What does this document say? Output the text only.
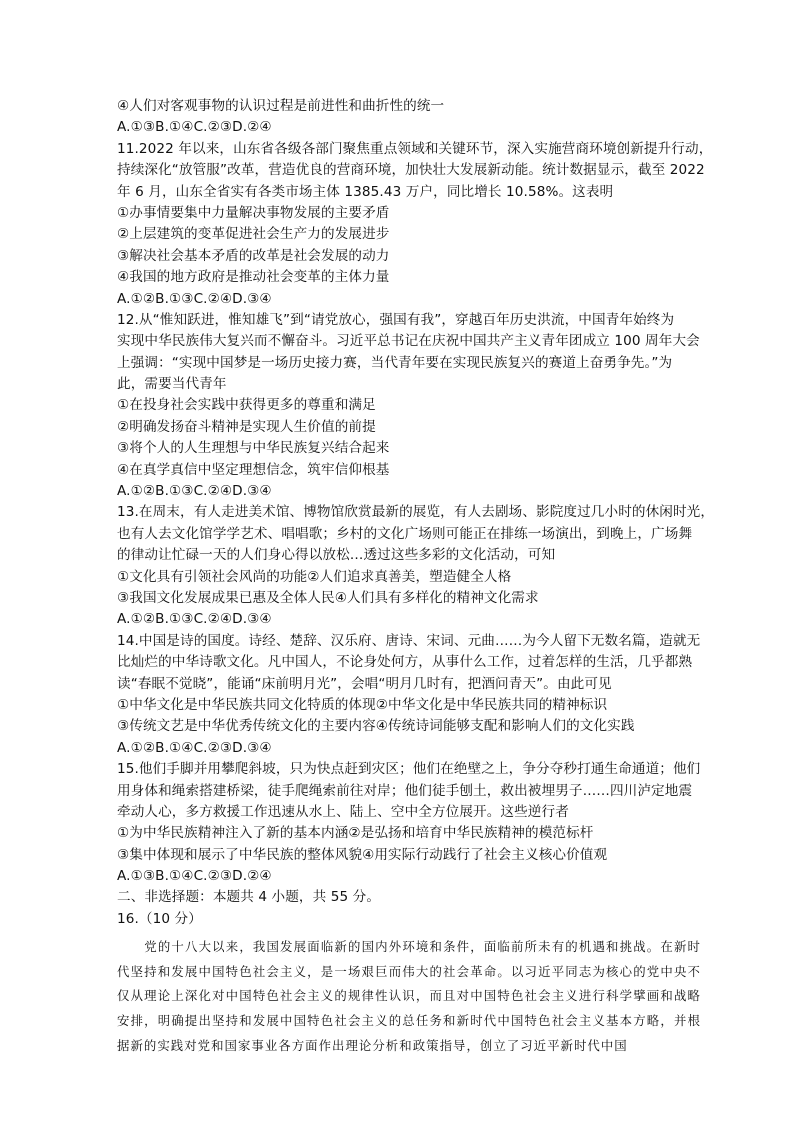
④人们对客观事物的认识过程是前进性和曲折性的统一
A.①③B.①④C.②③D.②④
11.2022 年以来，山东省各级各部门聚焦重点领域和关键环节，深入实施营商环境创新提升行动，
持续深化“放管服”改革，营造优良的营商环境，加快壮大发展新动能。统计数据显示，截至 2022
年 6 月，山东全省实有各类市场主体 1385.43 万户，同比增长 10.58%。这表明
①办事情要集中力量解决事物发展的主要矛盾
②上层建筑的变革促进社会生产力的发展进步
③解决社会基本矛盾的改革是社会发展的动力
④我国的地方政府是推动社会变革的主体力量
A.①②B.①③C.②④D.③④
12.从“惟知跃进，惟知雄飞”到“请党放心，强国有我”，穿越百年历史洪流，中国青年始终为
实现中华民族伟大复兴而不懈奋斗。习近平总书记在庆祝中国共产主义青年团成立 100 周年大会
上强调：“实现中国梦是一场历史接力赛，当代青年要在实现民族复兴的赛道上奋勇争先。”为
此，需要当代青年
①在投身社会实践中获得更多的尊重和满足
②明确发扬奋斗精神是实现人生价值的前提
③将个人的人生理想与中华民族复兴结合起来
④在真学真信中坚定理想信念，筑牢信仰根基
A.①②B.①③C.②④D.③④
13.在周末，有人走进美术馆、博物馆欣赏最新的展览，有人去剧场、影院度过几小时的休闲时光，
也有人去文化馆学学艺术、唱唱歌；乡村的文化广场则可能正在排练一场演出，到晚上，广场舞
的律动让忙碌一天的人们身心得以放松…透过这些多彩的文化活动，可知
①文化具有引领社会风尚的功能②人们追求真善美，塑造健全人格
③我国文化发展成果已惠及全体人民④人们具有多样化的精神文化需求
A.①②B.①③C.②④D.③④
14.中国是诗的国度。诗经、楚辞、汉乐府、唐诗、宋词、元曲……为今人留下无数名篇，造就无
比灿烂的中华诗歌文化。凡中国人，不论身处何方，从事什么工作，过着怎样的生活，几乎都熟
读“春眠不觉晓”，能诵“床前明月光”，会唱“明月几时有，把酒问青天”。由此可见
①中华文化是中华民族共同文化特质的体现②中华文化是中华民族共同的精神标识
③传统文艺是中华优秀传统文化的主要内容④传统诗词能够支配和影响人们的文化实践
A.①②B.①④C.②③D.③④
15.他们手脚并用攀爬斜坡，只为快点赶到灾区；他们在绝壁之上，争分夺秒打通生命通道；他们
用身体和绳索搭建桥梁，徒手爬绳索前往对岸；他们徒手刨土，救出被埋男子……四川泸定地震
牵动人心，多方救援工作迅速从水上、陆上、空中全方位展开。这些逆行者
①为中华民族精神注入了新的基本内涵②是弘扬和培育中华民族精神的模范标杆
③集中体现和展示了中华民族的整体风貌④用实际行动践行了社会主义核心价值观
A.①③B.①④C.②③D.②④
二、非选择题：本题共 4 小题，共 55 分。
16.（10 分）

党的十八大以来，我国发展面临新的国内外环境和条件，面临前所未有的机遇和挑战。在新时代坚持和发展中国特色社会主义，是一场艰巨而伟大的社会革命。以习近平同志为核心的党中央不仅从理论上深化对中国特色社会主义的规律性认识，而且对中国特色社会主义进行科学擘画和战略安排，明确提出坚持和发展中国特色社会主义的总任务和新时代中国特色社会主义基本方略，并根据新的实践对党和国家事业各方面作出理论分析和政策指导，创立了习近平新时代中国
